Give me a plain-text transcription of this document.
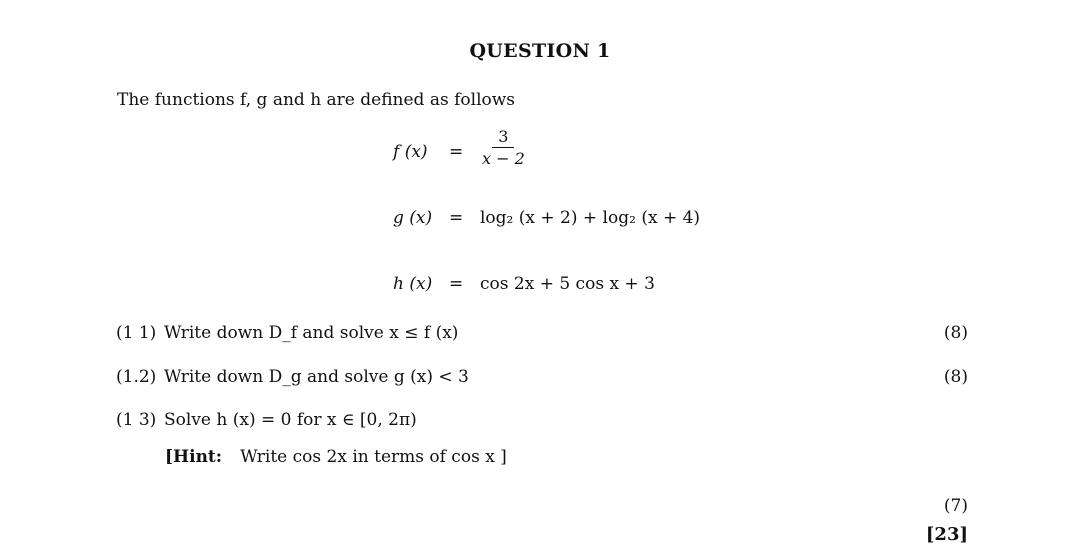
QUESTION 1
The functions f, g and h are defined as follows
f $(x) = \frac{3}{x - 2}$
g (x) = log₂ (x + 2) + log₂ (x + 4)
h (x) = cos 2x + 5 cos x + 3
(1 1) Write down D_f and solve x ≤ f (x)	(8)
(1.2) Write down D_g and solve g (x) < 3	(8)
(1 3) Solve h (x) = 0 for x ∈ [0, 2π)
[Hint: Write cos 2x in terms of cos x ]
(7)
[23]
